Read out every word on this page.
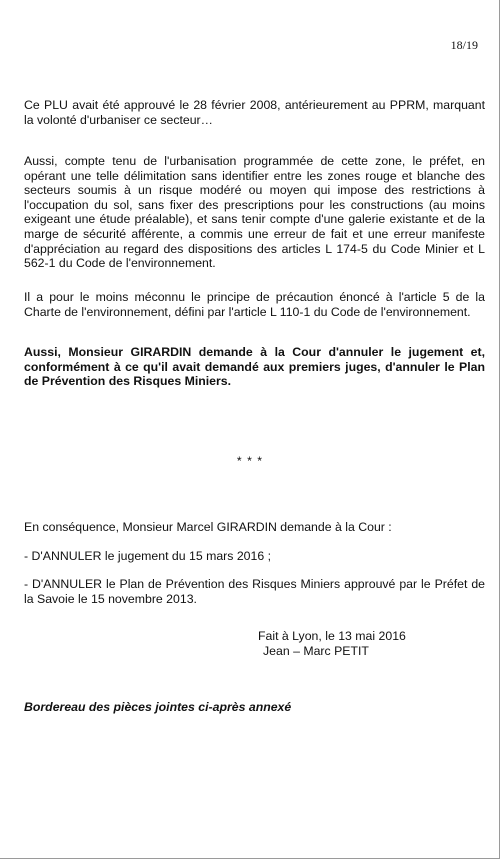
18/19

Ce PLU avait été approuvé le 28 février 2008, antérieurement au PPRM, marquant la volonté d'urbaniser ce secteur…

Aussi, compte tenu de l'urbanisation programmée de cette zone, le préfet, en opérant une telle délimitation sans identifier entre les zones rouge et blanche des secteurs soumis à un risque modéré ou moyen qui impose des restrictions à l'occupation du sol, sans fixer des prescriptions pour les constructions (au moins exigeant une étude préalable), et sans tenir compte d'une galerie existante et de la marge de sécurité afférente, a commis une erreur de fait et une erreur manifeste d'appréciation au regard des dispositions des articles L 174-5 du Code Minier et L 562-1 du Code de l'environnement.

Il a pour le moins méconnu le principe de précaution énoncé à l'article 5 de la Charte de l'environnement, défini par l'article L 110-1 du Code de l'environnement.

Aussi, Monsieur GIRARDIN demande à la Cour d'annuler le jugement et, conformément à ce qu'il avait demandé aux premiers juges, d'annuler le Plan de Prévention des Risques Miniers.

* * *

En conséquence, Monsieur Marcel GIRARDIN demande à la Cour :

- D'ANNULER le jugement du 15 mars 2016 ;

- D'ANNULER le Plan de Prévention des Risques Miniers approuvé par le Préfet de la Savoie le 15 novembre 2013.

Fait à Lyon, le 13 mai 2016
Jean – Marc PETIT
Bordereau des pièces jointes ci-après annexé
